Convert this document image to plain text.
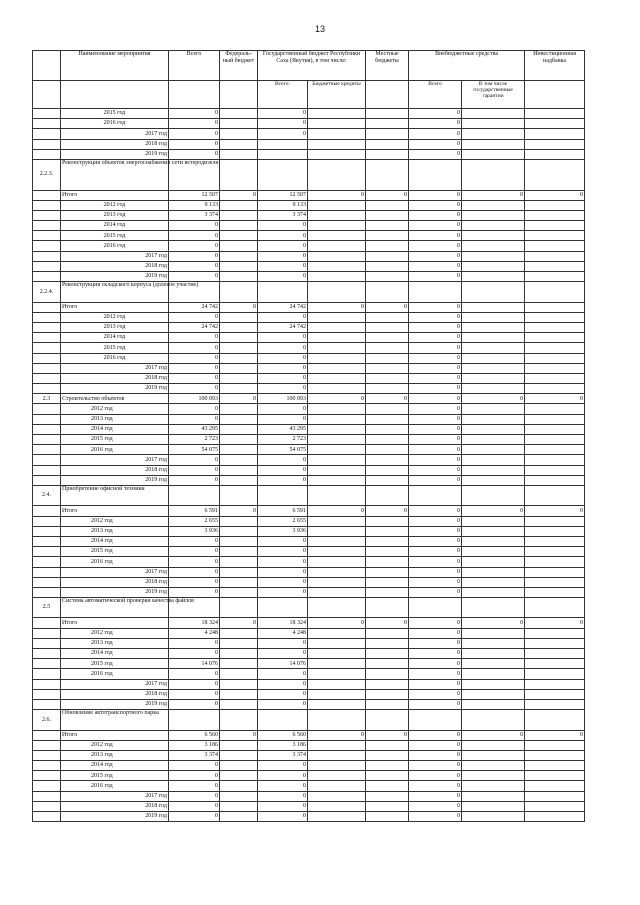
13
	Наименование мероприятия	Всего	Федераль-ный бюджет	Государственный бюджет Республики Саха (Якутия), в том числе:		Местные бюджеты	Внебюджетные средства		Инвестиционная надбавка
				Всего:	Бюджетные кредиты		Всего	В том числе государственные гарантии	
	2015 год	0		0			0		
	2016 год	0		0			0		
	2017 год	0		0			0		
	2018 год	0					0		
	2019 год	0					0		
2.2.3.	Реконструкция объектов энергоснабжения сети ветеродизеля								
	Итого	12 507	0	12 507	0	0	0	0	0
	2012 год	9 133		9 133			0		
	2013 год	3 374		3 374			0		
	2014 год	0		0			0		
	2015 год	0		0			0		
	2016 год	0		0			0		
	2017 год	0		0			0		
	2018 год	0		0			0		
	2019 год	0		0			0		
2.2.4.	Реконструкция складского корпуса (долевое участие)								
	Итого	24 742	0	24 742	0	0	0		
	2012 год	0		0			0		
	2013 год	24 742		24 742			0		
	2014 год	0		0			0		
	2015 год	0		0			0		
	2016 год	0		0			0		
	2017 год	0		0			0		
	2018 год	0		0			0		
	2019 год	0		0			0		
2.3	Строительство объектов	100 093	0	100 093	0	0	0	0	0
	2012 год	0		0			0		
	2013 год	0		0			0		
	2014 год	43 295		43 295			0		
	2015 год	2 723		2 723			0		
	2016 год	54 075		54 075			0		
	2017 год	0		0			0		
	2018 год	0		0			0		
	2019 год	0		0			0		
2.4.	Приобретение офисной техники								
	Итого	6 591	0	6 591	0	0	0	0	0
	2012 год	2 655		2 655			0		
	2013 год	3 936		3 936			0		
	2014 год	0		0			0		
	2015 год	0		0			0		
	2016 год	0		0			0		
	2017 год	0		0			0		
	2018 год	0		0			0		
	2019 год	0		0			0		
2.5	Система автоматической проверки качества файлов								
	Итого	18 324	0	18 324	0	0	0	0	0
	2012 год	4 248		4 248			0		
	2013 год	0		0			0		
	2014 год	0		0			0		
	2015 год	14 076		14 076			0		
	2016 год	0		0			0		
	2017 год	0		0			0		
	2018 год	0		0			0		
	2019 год	0		0			0		
2.6.	Обновление автотранспортного парка								
	Итого	6 560	0	6 560	0	0	0	0	0
	2012 год	3 186		3 186			0		
	2013 год	3 374		3 374			0		
	2014 год	0		0			0		
	2015 год	0		0			0		
	2016 год	0		0			0		
	2017 год	0		0			0		
	2018 год	0		0			0		
	2019 год	0		0			0		
